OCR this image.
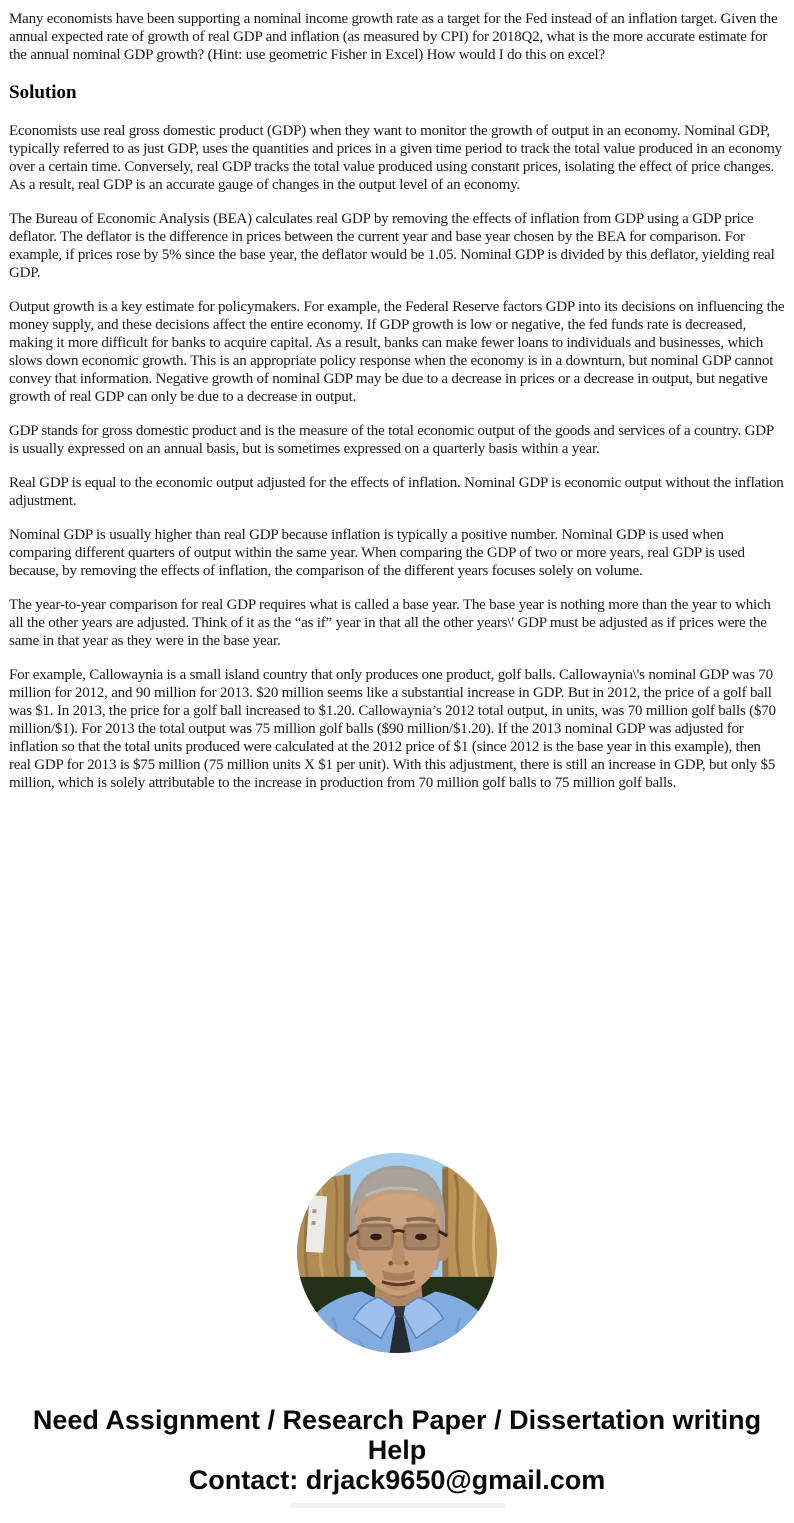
Many economists have been supporting a nominal income growth rate as a target for the Fed instead of an inflation target. Given the annual expected rate of growth of real GDP and inflation (as measured by CPI) for 2018Q2, what is the more accurate estimate for the annual nominal GDP growth? (Hint: use geometric Fisher in Excel) How would I do this on excel?

Solution

Economists use real gross domestic product (GDP) when they want to monitor the growth of output in an economy. Nominal GDP, typically referred to as just GDP, uses the quantities and prices in a given time period to track the total value produced in an economy over a certain time. Conversely, real GDP tracks the total value produced using constant prices, isolating the effect of price changes. As a result, real GDP is an accurate gauge of changes in the output level of an economy.

The Bureau of Economic Analysis (BEA) calculates real GDP by removing the effects of inflation from GDP using a GDP price deflator. The deflator is the difference in prices between the current year and base year chosen by the BEA for comparison. For example, if prices rose by 5% since the base year, the deflator would be 1.05. Nominal GDP is divided by this deflator, yielding real GDP.

Output growth is a key estimate for policymakers. For example, the Federal Reserve factors GDP into its decisions on influencing the money supply, and these decisions affect the entire economy. If GDP growth is low or negative, the fed funds rate is decreased, making it more difficult for banks to acquire capital. As a result, banks can make fewer loans to individuals and businesses, which slows down economic growth. This is an appropriate policy response when the economy is in a downturn, but nominal GDP cannot convey that information. Negative growth of nominal GDP may be due to a decrease in prices or a decrease in output, but negative growth of real GDP can only be due to a decrease in output.

GDP stands for gross domestic product and is the measure of the total economic output of the goods and services of a country. GDP is usually expressed on an annual basis, but is sometimes expressed on a quarterly basis within a year.

Real GDP is equal to the economic output adjusted for the effects of inflation. Nominal GDP is economic output without the inflation adjustment.

Nominal GDP is usually higher than real GDP because inflation is typically a positive number. Nominal GDP is used when comparing different quarters of output within the same year. When comparing the GDP of two or more years, real GDP is used because, by removing the effects of inflation, the comparison of the different years focuses solely on volume.

The year-to-year comparison for real GDP requires what is called a base year. The base year is nothing more than the year to which all the other years are adjusted. Think of it as the “as if” year in that all the other years\' GDP must be adjusted as if prices were the same in that year as they were in the base year.

For example, Callowaynia is a small island country that only produces one product, golf balls. Callowaynia\'s nominal GDP was 70 million for 2012, and 90 million for 2013. $20 million seems like a substantial increase in GDP. But in 2012, the price of a golf ball was $1. In 2013, the price for a golf ball increased to $1.20. Callowaynia’s 2012 total output, in units, was 70 million golf balls ($70 million/$1). For 2013 the total output was 75 million golf balls ($90 million/$1.20). If the 2013 nominal GDP was adjusted for inflation so that the total units produced were calculated at the 2012 price of $1 (since 2012 is the base year in this example), then real GDP for 2013 is $75 million (75 million units X $1 per unit). With this adjustment, there is still an increase in GDP, but only $5 million, which is solely attributable to the increase in production from 70 million golf balls to 75 million golf balls.

Need Assignment / Research Paper / Dissertation writing Help
Contact: drjack9650@gmail.com
